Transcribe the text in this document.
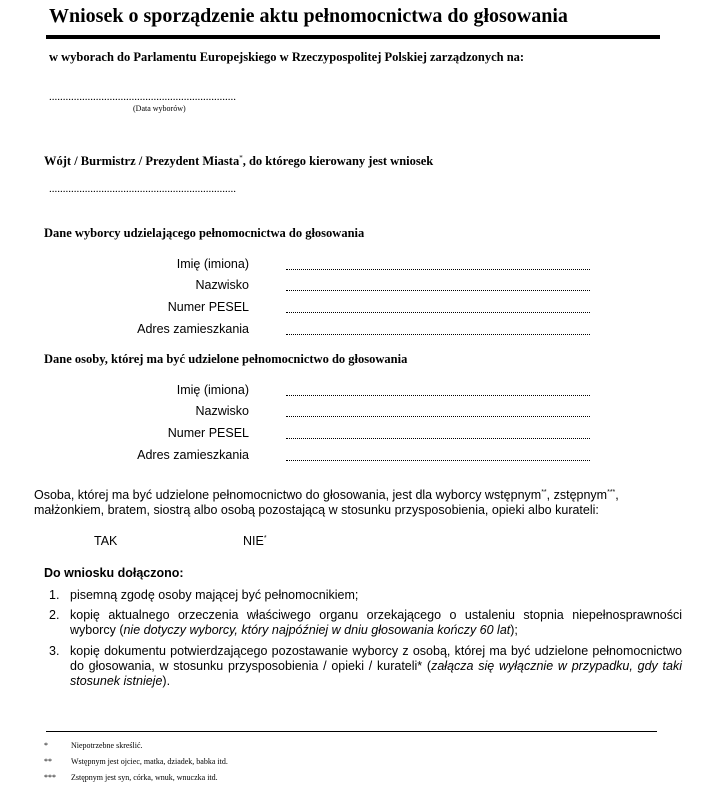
Wniosek o sporządzenie aktu pełnomocnictwa do głosowania
w wyborach do Parlamentu Europejskiego w Rzeczypospolitej Polskiej zarządzonych na:
....................................................................
(Data wyborów)
Wójt / Burmistrz / Prezydent Miasta*, do którego kierowany jest wniosek
....................................................................
Dane wyborcy udzielającego pełnomocnictwa do głosowania
Imię (imiona)
Nazwisko
Numer PESEL
Adres zamieszkania
Dane osoby, której ma być udzielone pełnomocnictwo do głosowania
Imię (imiona)
Nazwisko
Numer PESEL
Adres zamieszkania
Osoba, której ma być udzielone pełnomocnictwo do głosowania, jest dla wyborcy wstępnym**, zstępnym***,
małżonkiem, bratem, siostrą albo osobą pozostającą w stosunku przysposobienia, opieki albo kurateli:
TAK	NIE*
Do wniosku dołączono:
1. pisemną zgodę osoby mającej być pełnomocnikiem;
2. kopię aktualnego orzeczenia właściwego organu orzekającego o ustaleniu stopnia niepełnosprawności wyborcy (nie dotyczy wyborcy, który najpóźniej w dniu głosowania kończy 60 lat);
3. kopię dokumentu potwierdzającego pozostawanie wyborcy z osobą, której ma być udzielone pełnomocnictwo do głosowania, w stosunku przysposobienia / opieki / kurateli* (załącza się wyłącznie w przypadku, gdy taki stosunek istnieje).
*	Niepotrzebne skreślić.
** Wstępnym jest ojciec, matka, dziadek, babka itd.
*** Zstępnym jest syn, córka, wnuk, wnuczka itd.
